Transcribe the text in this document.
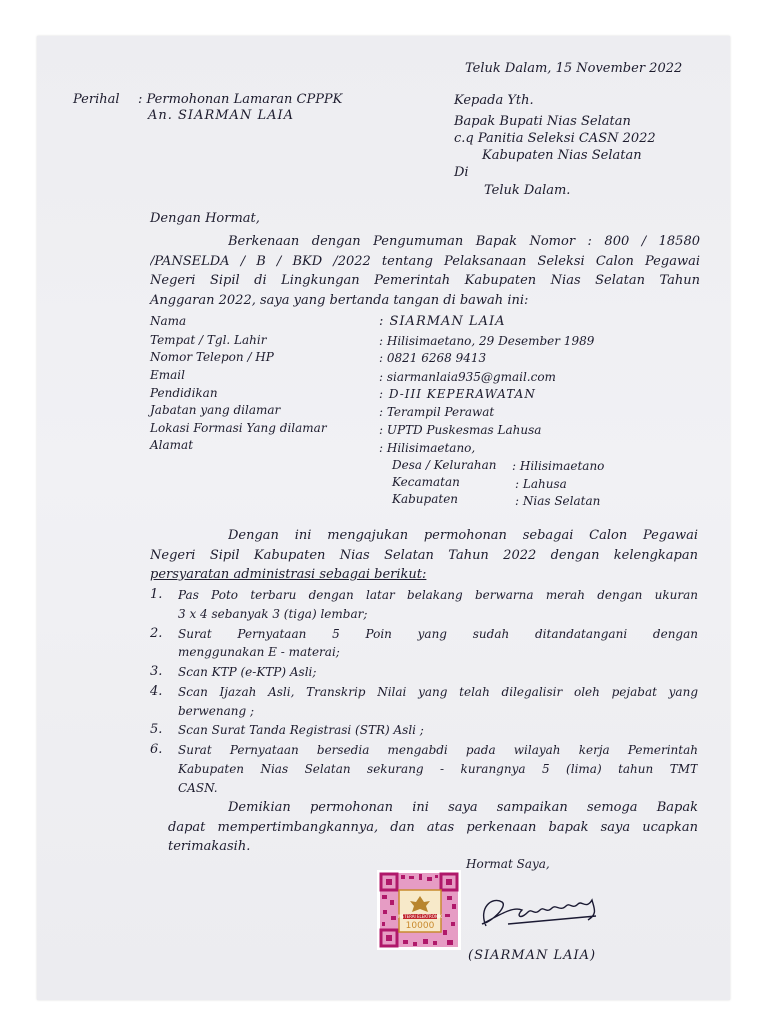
Teluk Dalam, 15 November 2022
Perihal : Permohonan Lamaran CPPPK
An. SIARMAN LAIA
Kepada Yth.
Bapak Bupati Nias Selatan
c.q Panitia Seleksi CASN 2022
Kabupaten Nias Selatan
Di
Teluk Dalam.
Dengan Hormat,
Berkenaan dengan Pengumuman Bapak Nomor : 800 / 18580
/PANSELDA / B / BKD /2022 tentang Pelaksanaan Seleksi Calon Pegawai
Negeri Sipil di Lingkungan Pemerintah Kabupaten Nias Selatan Tahun
Anggaran 2022, saya yang bertanda tangan di bawah ini:
Nama	: SIARMAN LAIA
Tempat / Tgl. Lahir	: Hilisimaetano, 29 Desember 1989
Nomor Telepon / HP	: 0821 6268 9413
Email	: siarmanlaia935@gmail.com
Pendidikan	: D-III KEPERAWATAN
Jabatan yang dilamar	: Terampil Perawat
Lokasi Formasi Yang dilamar	: UPTD Puskesmas Lahusa
Alamat	: Hilisimaetano,
Desa / Kelurahan : Hilisimaetano
Kecamatan	: Lahusa
Kabupaten	: Nias Selatan
Dengan ini mengajukan permohonan sebagai Calon Pegawai
Negeri Sipil Kabupaten Nias Selatan Tahun 2022 dengan kelengkapan
persyaratan administrasi sebagai berikut:
1. Pas Poto terbaru dengan latar belakang berwarna merah dengan ukuran
3 x 4 sebanyak 3 (tiga) lembar;
2. Surat Pernyataan 5 Poin yang sudah ditandatangani dengan
menggunakan E - materai;
3. Scan KTP (e-KTP) Asli;
4. Scan Ijazah Asli, Transkrip Nilai yang telah dilegalisir oleh pejabat yang
berwenang ;
5. Scan Surat Tanda Registrasi (STR) Asli ;
6. Surat Pernyataan bersedia mengabdi pada wilayah kerja Pemerintah
Kabupaten Nias Selatan sekurang - kurangnya 5 (lima) tahun TMT
CASN.
Demikian permohonan ini saya sampaikan semoga Bapak
dapat mempertimbangkannya, dan atas perkenaan bapak saya ucapkan
terimakasih.
Hormat Saya,
METERAI ELEKTRONIK
10000
(SIARMAN LAIA)
